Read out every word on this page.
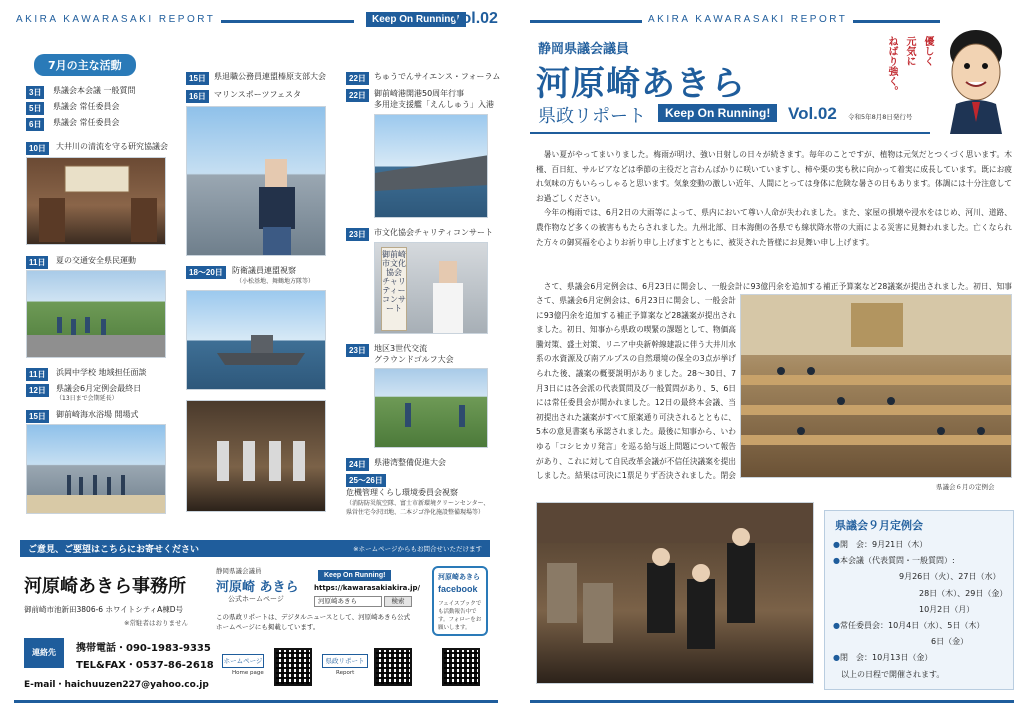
AKIRA KAWARASAKI REPORT	Keep On Running!
Vol.02
7月の主な活動
3日	県議会本会議 一般質問
5日	県議会 常任委員会
6日	県議会 常任委員会
10日	大井川の清流を守る研究協議会
11日	夏の交通安全県民運動
11日	浜岡中学校 地域担任面談
12日	県議会6月定例会最終日
（13日まで会期延長）
15日	御前崎海水浴場 開場式
15日	県退職公務員連盟榛原支部大会
16日	マリンスポーツフェスタ
18～20日	防衛議員連盟視察
（小松基地、舞鶴地方隊等）
22日	ちゅうでんサイエンス・フォーラム
22日	御前崎港開港50周年行事
多用途支援艦「えんしゅう」入港
23日	市文化協会チャリティコンサート
御前崎市文化協会 チャリティーコンサート
23日	地区3世代交流
グラウンドゴルフ大会
24日	県港湾整備促進大会
25～26日
危機管理くらし環境委員会視察
（消防防災航空隊、富士市新環境クリーンセンター、
県営住宅今沢団地、二本ジゴ浄化施設整備現場等）
ご意見、ご要望はこちらにお寄せください	※ホームページからもお問合せいただけます
河原崎あきら事務所
御前崎市池新田3806-6 ホワイトシティA棟D号
※常駐者はおりません
連絡先	携帯電話・090-1983-9335
TEL&FAX・0537-86-2618
E-mail・haichuuzen227@yahoo.co.jp
静岡県議会議員
河原崎 あきら
公式ホームページ
Keep On Running!
https://kawarasakiakira.jp/
河原崎あきら	検索
この県政リポートは、デジタルニュースとして、河原崎あきら公式ホームページにも掲載しています。
ホームページ
Home page
県政リポート
Report
河原崎あきら
facebook
フェイスブックでも活動報告中です。フォローをお願いします。
AKIRA KAWARASAKI REPORT
静岡県議会議員
河原崎あきら
県政リポート	Keep On Running!	Vol.02 令和5年8月8日発行号
優しく
元気に
ねばり強く。

暑い夏がやってまいりました。梅雨が明け、強い日射しの日々が続きます。毎年のことですが、植物は元気だとつくづく思います。木槿、百日紅、サルビアなどは季節の主役だと言わんばかりに咲いていますし、柿や栗の実も秋に向かって着実に成長しています。既にお疲れ気味の方もいらっしゃると思います。気象変動の激しい近年、人間にとっては身体に危険な暑さの日もあります。体調には十分注意してお過ごしください。

今年の梅雨では、6月2日の大雨等によって、県内において尊い人命が失われました。また、家屋の損壊や浸水をはじめ、河川、道路、農作物など多くの被害ももたらされました。九州北部、日本海側の各県でも線状降水帯の大雨による災害に見舞われました。亡くなられた方々の御冥福を心よりお祈り申し上げますとともに、被災された皆様にお見舞い申し上げます。

さて、県議会6月定例会は、6月23日に開会し、一般会計に93億円余を追加する補正予算案など28議案が提出されました。初日、知事

さて、県議会6月定例会は、6月23日に開会し、一般会計に93億円余を追加する補正予算案など28議案が提出されました。初日、知事から県政の喫緊の課題として、物価高騰対策、盛土対策、リニア中央新幹線建設に伴う大井川水系の水資源及び南アルプスの自然環境の保全の3点が挙げられた後、議案の概要説明がありました。28～30日、7月3日には各会派の代表質問及び一般質問があり、5、6日には常任委員会が開かれました。12日の最終本会議、当初提出された議案がすべて原案通り可決されるとともに、5本の意見書案も承認されました。最後に知事から、いわゆる「コシヒカリ発言」を巡る給与返上問題について報告があり、これに対して自民改革会議が不信任決議案を提出しました。結果は可決に1票足りず否決されました。閉会

県議会６月の定例会
県議会９月定例会
●開　会：9月21日（木）
●本会議（代表質問・一般質問）:
9月26日（火）、27日（水）
28日（木）、29日（金）
10月2日（月）
●常任委員会：10月4日（水）、5日（木）
6日（金）
●閉　会：10月13日（金）
以上の日程で開催されます。
